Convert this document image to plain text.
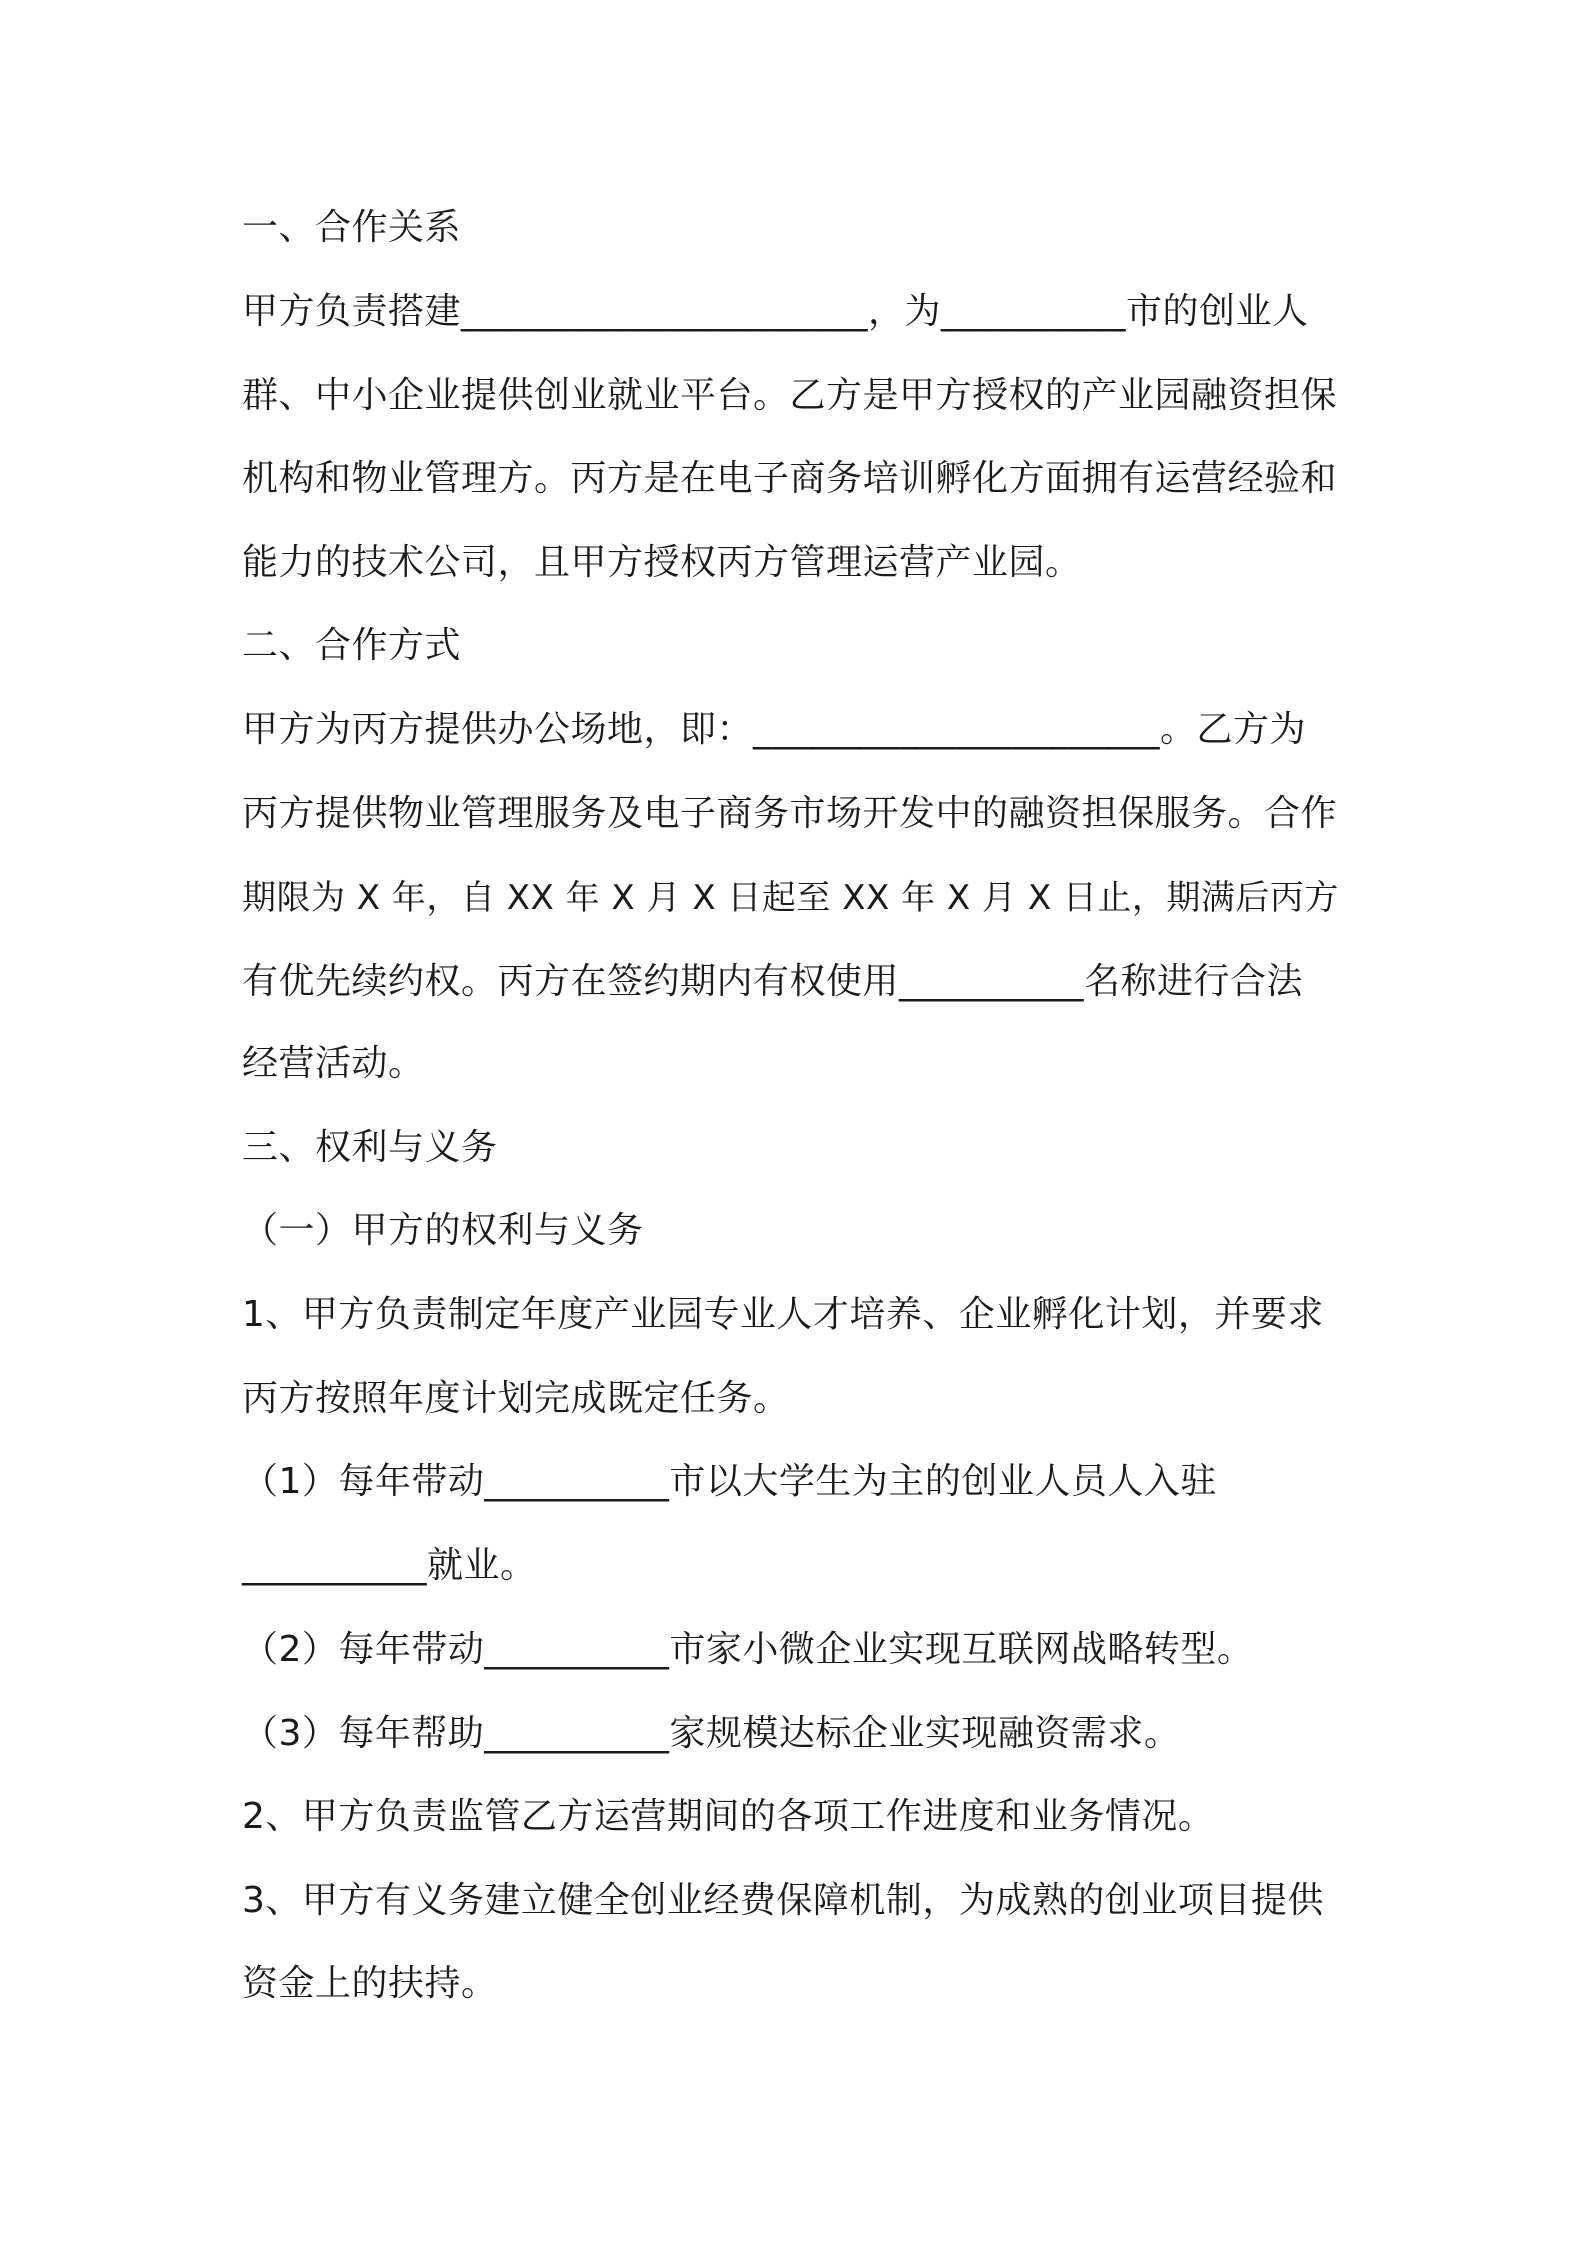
一、合作关系

甲方负责搭建______________________，为__________市的创业人

群、中小企业提供创业就业平台。乙方是甲方授权的产业园融资担保

机构和物业管理方。丙方是在电子商务培训孵化方面拥有运营经验和

能力的技术公司，且甲方授权丙方管理运营产业园。

二、合作方式

甲方为丙方提供办公场地，即：______________________。乙方为

丙方提供物业管理服务及电子商务市场开发中的融资担保服务。合作

期限为 X 年，自 XX 年 X 月 X 日起至 XX 年 X 月 X 日止，期满后丙方

有优先续约权。丙方在签约期内有权使用__________名称进行合法

经营活动。

三、权利与义务

（一）甲方的权利与义务

1、甲方负责制定年度产业园专业人才培养、企业孵化计划，并要求

丙方按照年度计划完成既定任务。

（1）每年带动__________市以大学生为主的创业人员人入驻

__________就业。

（2）每年带动__________市家小微企业实现互联网战略转型。

（3）每年帮助__________家规模达标企业实现融资需求。

2、甲方负责监管乙方运营期间的各项工作进度和业务情况。

3、甲方有义务建立健全创业经费保障机制，为成熟的创业项目提供

资金上的扶持。
